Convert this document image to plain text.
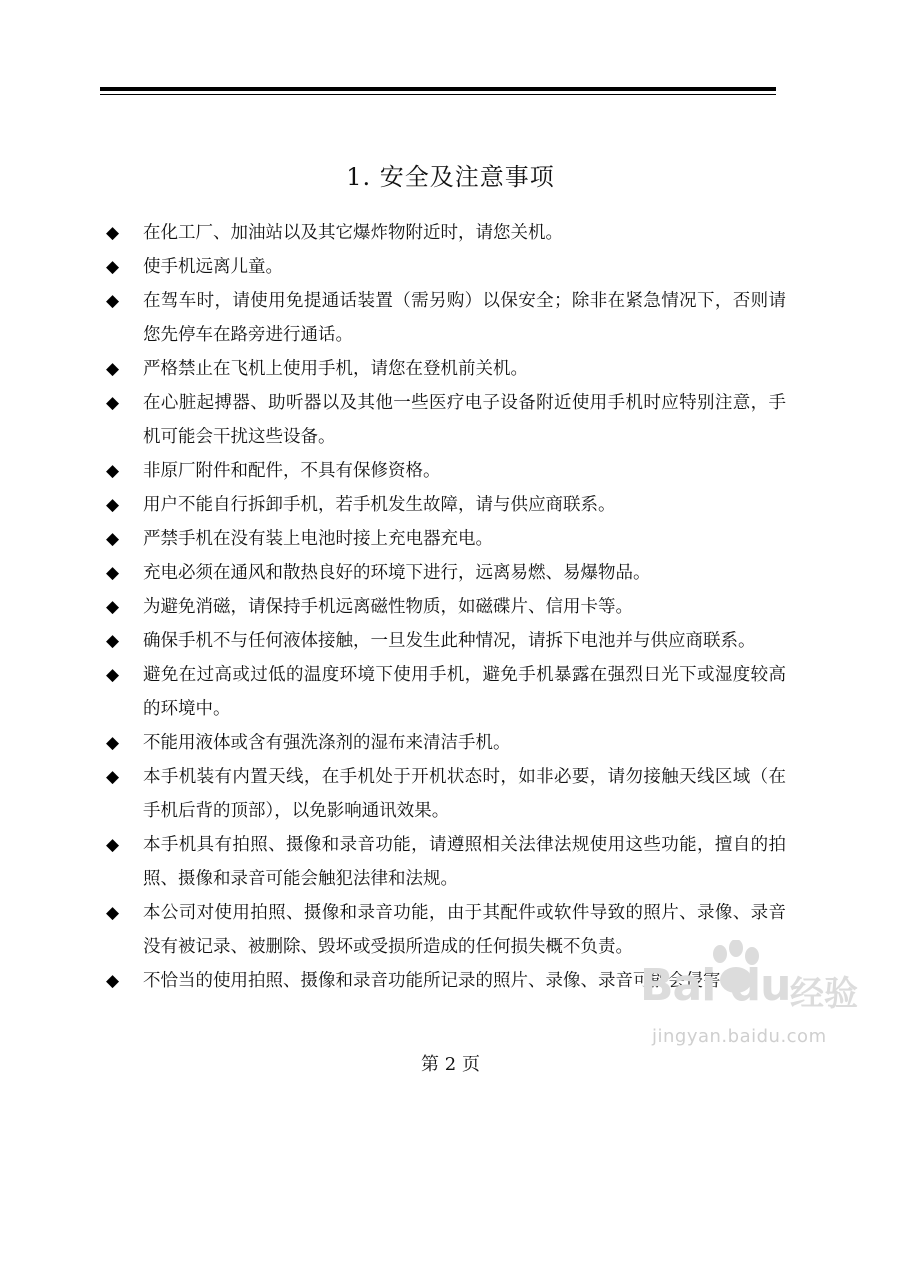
1. 安全及注意事项
◆	在化工厂、加油站以及其它爆炸物附近时，请您关机。
◆	使手机远离儿童。
◆	在驾车时，请使用免提通话装置（需另购）以保安全；除非在紧急情况下，否则请您先停车在路旁进行通话。
◆	严格禁止在飞机上使用手机，请您在登机前关机。
◆	在心脏起搏器、助听器以及其他一些医疗电子设备附近使用手机时应特别注意，手机可能会干扰这些设备。
◆	非原厂附件和配件，不具有保修资格。
◆	用户不能自行拆卸手机，若手机发生故障，请与供应商联系。
◆	严禁手机在没有装上电池时接上充电器充电。
◆	充电必须在通风和散热良好的环境下进行，远离易燃、易爆物品。
◆	为避免消磁，请保持手机远离磁性物质，如磁碟片、信用卡等。
◆	确保手机不与任何液体接触，一旦发生此种情况，请拆下电池并与供应商联系。
◆	避免在过高或过低的温度环境下使用手机，避免手机暴露在强烈日光下或湿度较高的环境中。
◆	不能用液体或含有强洗涤剂的湿布来清洁手机。
◆	本手机装有内置天线，在手机处于开机状态时，如非必要，请勿接触天线区域（在手机后背的顶部），以免影响通讯效果。
◆	本手机具有拍照、摄像和录音功能，请遵照相关法律法规使用这些功能，擅自的拍照、摄像和录音可能会触犯法律和法规。
◆	本公司对使用拍照、摄像和录音功能，由于其配件或软件导致的照片、录像、录音没有被记录、被删除、毁坏或受损所造成的任何损失概不负责。
◆	不恰当的使用拍照、摄像和录音功能所记录的照片、录像、录音可能会侵害
第 2 页
Bai du 经验
jingyan.baidu.com
